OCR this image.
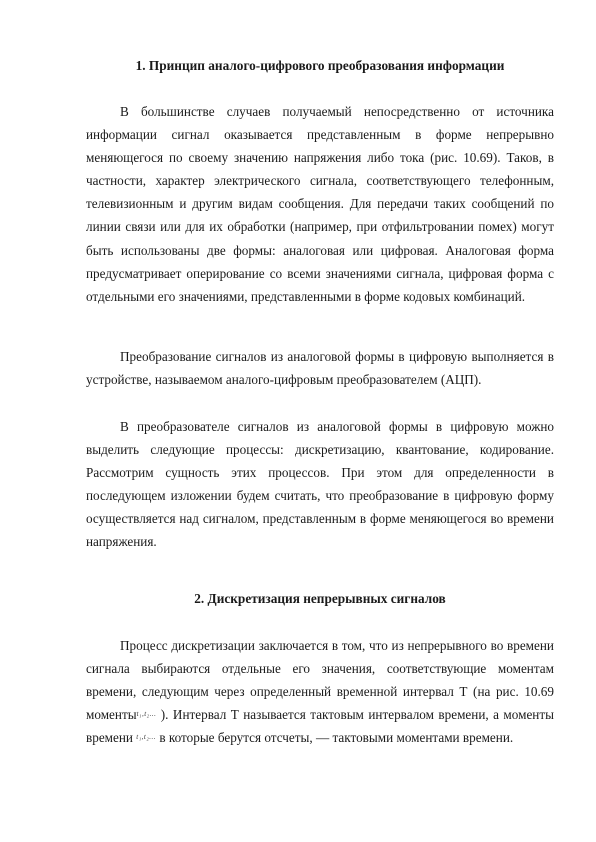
1. Принцип аналого-цифрового преобразования информации

В большинстве случаев получаемый непосредственно от источника информации сигнал оказывается представленным в форме непрерывно меняющегося по своему значению напряжения либо тока (рис. 10.69). Таков, в частности, характер электрического сигнала, соответствующего телефонным, телевизионным и другим видам сообщения. Для передачи таких сообщений по линии связи или для их обработки (например, при отфильтровании помех) могут быть использованы две формы: аналоговая или цифровая. Аналоговая форма предусматривает оперирование со всеми значениями сигнала, цифровая форма с отдельными его значениями, представленными в форме кодовых комбинаций.

Преобразование сигналов из аналоговой формы в цифровую выполняется в устройстве, называемом аналого-цифровым преобразователем (АЦП).

В преобразователе сигналов из аналоговой формы в цифровую можно выделить следующие процессы: дискретизацию, квантование, кодирование. Рассмотрим сущность этих процессов. При этом для определенности в последующем изложении будем считать, что преобразование в цифровую форму осуществляется над сигналом, представленным в форме меняющегося во времени напряжения.

2. Дискретизация непрерывных сигналов

Процесс дискретизации заключается в том, что из непрерывного во времени сигнала выбираются отдельные его значения, соответствующие моментам времени, следующим через определенный временной интервал Т (на рис. 10.69 моменты$^{t_1,t_2...}$ ). Интервал Т называется тактовым интервалом времени, а моменты времени $^{t_1,t_2...}$ в которые берутся отсчеты, — тактовыми моментами времени.
